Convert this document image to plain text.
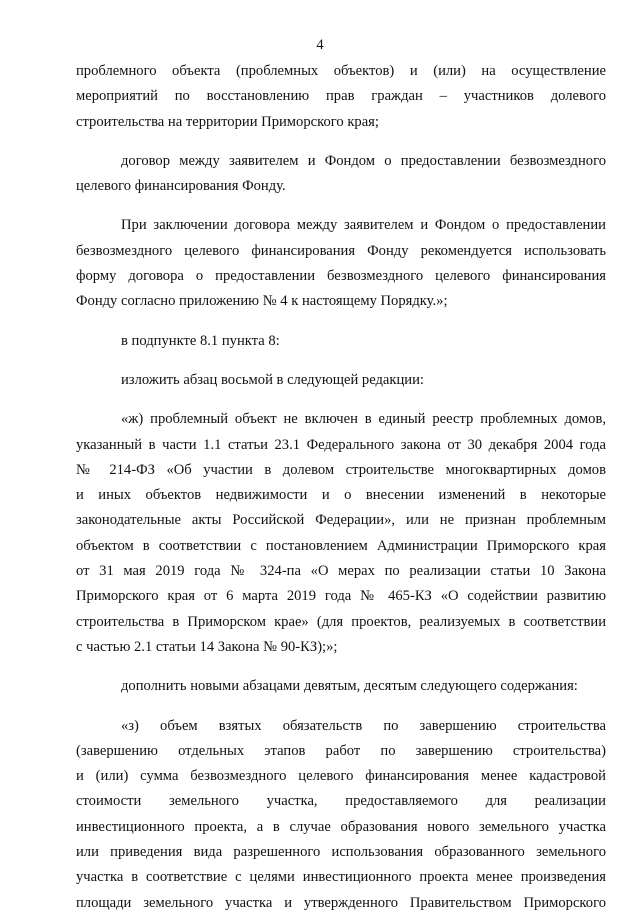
4

проблемного объекта (проблемных объектов) и (или) на осуществление
мероприятий по восстановлению прав граждан – участников долевого
строительства на территории Приморского края;

договор между заявителем и Фондом о предоставлении безвозмездного
целевого финансирования Фонду.

При заключении договора между заявителем и Фондом о предоставлении
безвозмездного целевого финансирования Фонду рекомендуется использовать
форму договора о предоставлении безвозмездного целевого финансирования
Фонду согласно приложению № 4 к настоящему Порядку.»;

в подпункте 8.1 пункта 8:

изложить абзац восьмой в следующей редакции:

«ж) проблемный объект не включен в единый реестр проблемных домов,
указанный в части 1.1 статьи 23.1 Федерального закона от 30 декабря 2004 года
№ 214-ФЗ «Об участии в долевом строительстве многоквартирных домов
и иных объектов недвижимости и о внесении изменений в некоторые
законодательные акты Российской Федерации», или не признан проблемным
объектом в соответствии с постановлением Администрации Приморского края
от 31 мая 2019 года № 324-па «О мерах по реализации статьи 10 Закона
Приморского края от 6 марта 2019 года № 465-КЗ «О содействии развитию
строительства в Приморском крае» (для проектов, реализуемых в соответствии
с частью 2.1 статьи 14 Закона № 90-КЗ);»;

дополнить новыми абзацами девятым, десятым следующего содержания:

«з) объем взятых обязательств по завершению строительства
(завершению отдельных этапов работ по завершению строительства)
и (или) сумма безвозмездного целевого финансирования менее кадастровой
стоимости земельного участка, предоставляемого для реализации
инвестиционного проекта, а в случае образования нового земельного участка
или приведения вида разрешенного использования образованного земельного
участка в соответствие с целями инвестиционного проекта менее произведения
площади земельного участка и утвержденного Правительством Приморского
